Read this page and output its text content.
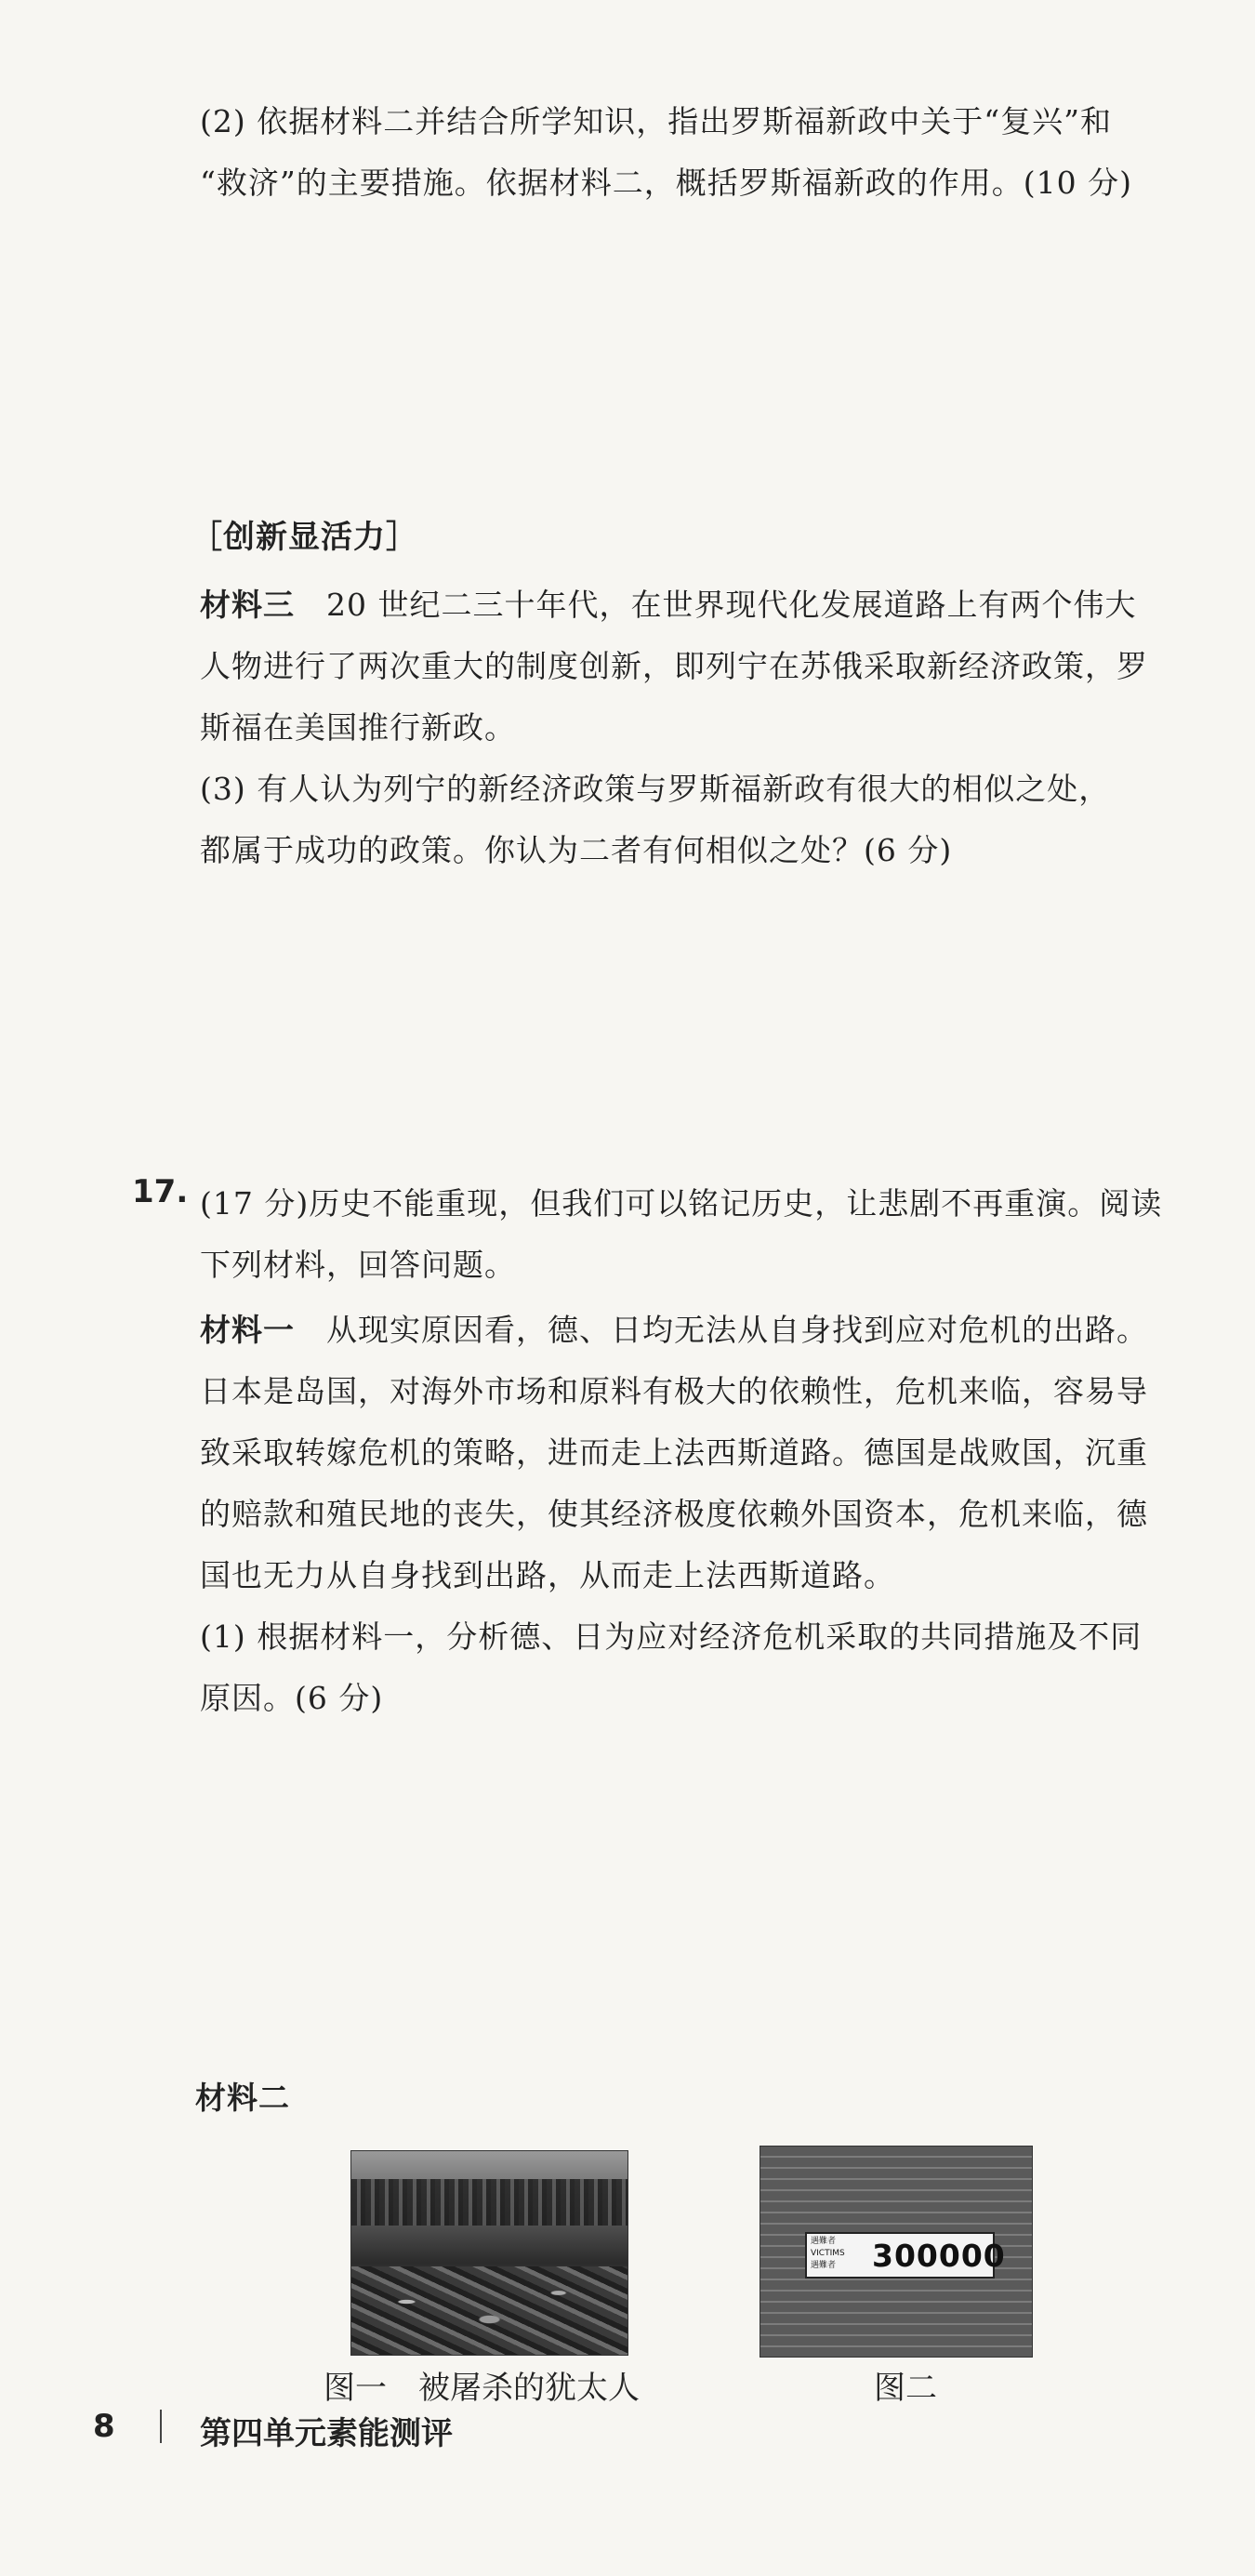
(2) 依据材料二并结合所学知识，指出罗斯福新政中关于“复兴”和
“救济”的主要措施。依据材料二，概括罗斯福新政的作用。(10 分)
［创新显活力］
材料三　20 世纪二三十年代，在世界现代化发展道路上有两个伟大
人物进行了两次重大的制度创新，即列宁在苏俄采取新经济政策，罗
斯福在美国推行新政。
(3) 有人认为列宁的新经济政策与罗斯福新政有很大的相似之处，
都属于成功的政策。你认为二者有何相似之处？(6 分)
17. (17 分)历史不能重现，但我们可以铭记历史，让悲剧不再重演。阅读
下列材料，回答问题。
材料一　从现实原因看，德、日均无法从自身找到应对危机的出路。
日本是岛国，对海外市场和原料有极大的依赖性，危机来临，容易导
致采取转嫁危机的策略，进而走上法西斯道路。德国是战败国，沉重
的赔款和殖民地的丧失，使其经济极度依赖外国资本，危机来临，德
国也无力从自身找到出路，从而走上法西斯道路。
(1) 根据材料一，分析德、日为应对经济危机采取的共同措施及不同
原因。(6 分)
材料二
图一　被屠杀的犹太人
遇難者
VICTIMS
遇難者 300000
图二
8	第四单元素能测评
